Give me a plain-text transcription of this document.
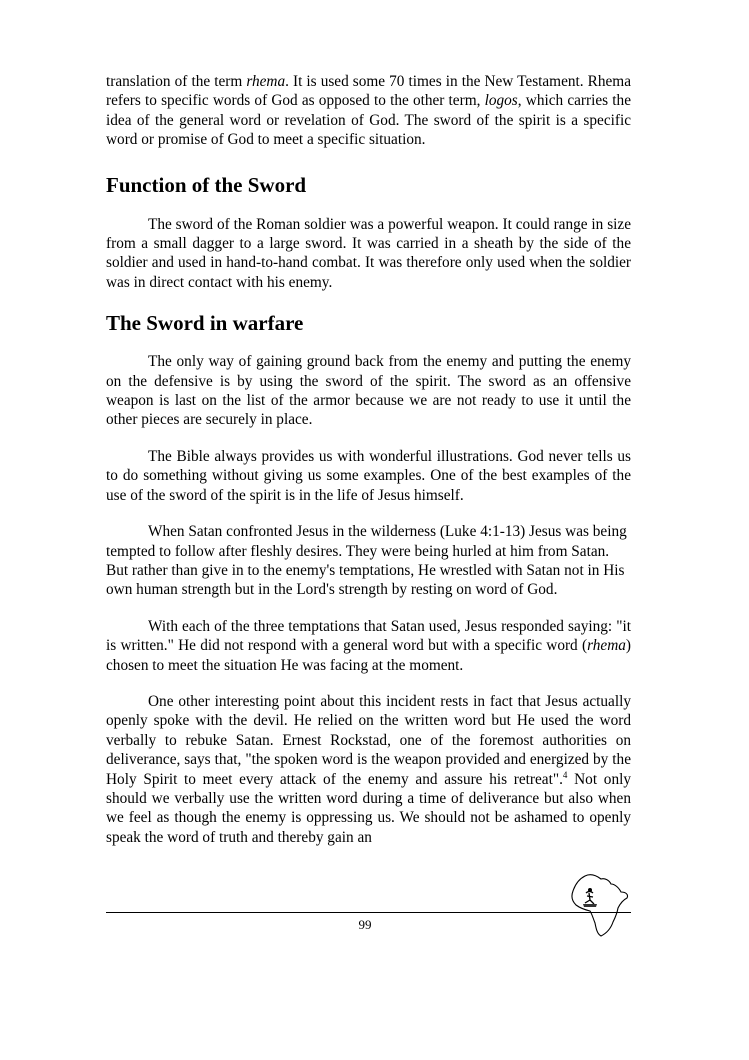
translation of the term rhema. It is used some 70 times in the New Testament. Rhema refers to specific words of God as opposed to the other term, logos, which carries the idea of the general word or revelation of God. The sword of the spirit is a specific word or promise of God to meet a specific situation.

Function of the Sword

The sword of the Roman soldier was a powerful weapon. It could range in size from a small dagger to a large sword. It was carried in a sheath by the side of the soldier and used in hand-to-hand combat. It was therefore only used when the soldier was in direct contact with his enemy.

The Sword in warfare

The only way of gaining ground back from the enemy and putting the enemy on the defensive is by using the sword of the spirit. The sword as an offensive weapon is last on the list of the armor because we are not ready to use it until the other pieces are securely in place.

The Bible always provides us with wonderful illustrations. God never tells us to do something without giving us some examples. One of the best examples of the use of the sword of the spirit is in the life of Jesus himself.

When Satan confronted Jesus in the wilderness (Luke 4:1-13) Jesus was being tempted to follow after fleshly desires. They were being hurled at him from Satan. But rather than give in to the enemy's temptations, He wrestled with Satan not in His own human strength but in the Lord's strength by resting on word of God.

With each of the three temptations that Satan used, Jesus responded saying: "it is written." He did not respond with a general word but with a specific word (rhema) chosen to meet the situation He was facing at the moment.

One other interesting point about this incident rests in fact that Jesus actually openly spoke with the devil. He relied on the written word but He used the word verbally to rebuke Satan. Ernest Rockstad, one of the foremost authorities on deliverance, says that, "the spoken word is the weapon provided and energized by the Holy Spirit to meet every attack of the enemy and assure his retreat".$^4$ Not only should we verbally use the written word during a time of deliverance but also when we feel as though the enemy is oppressing us. We should not be ashamed to openly speak the word of truth and thereby gain an

99
